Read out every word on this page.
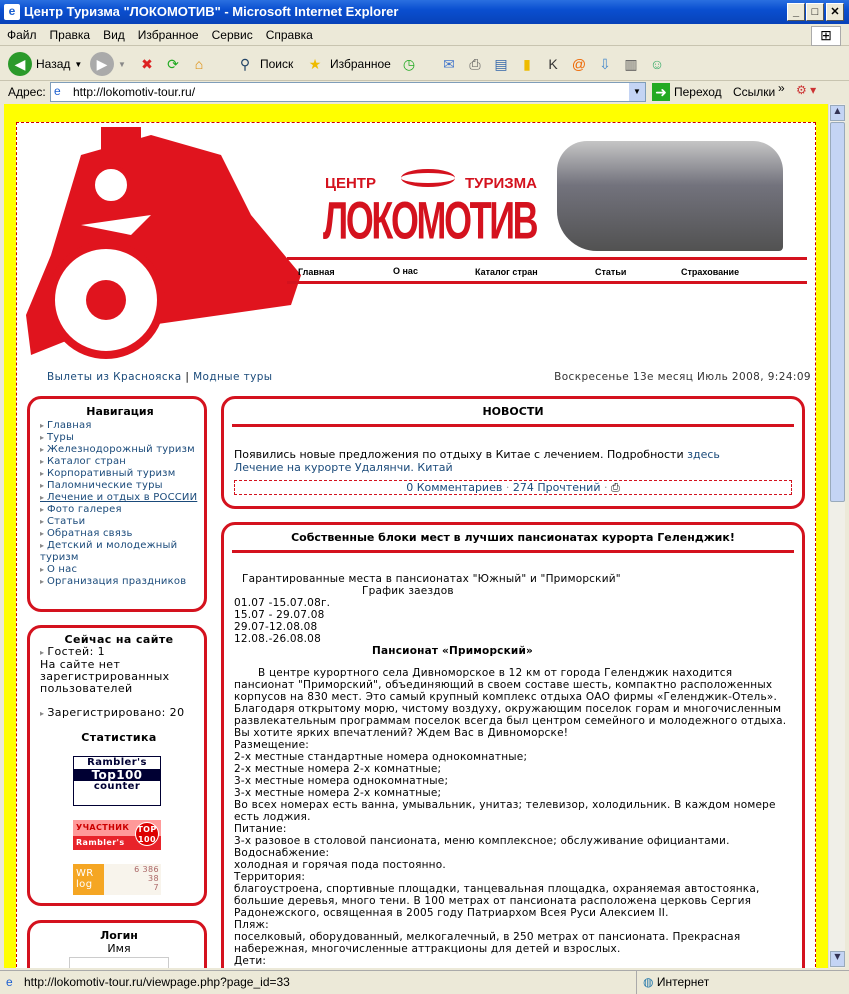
e Центр Туризма "ЛОКОМОТИВ" - Microsoft Internet Explorer	_	□	✕
Файл Правка Вид Избранное Сервис Справка	⊞
◀ Назад ▼	▶	▼	✖	⟳	⌂	⚲ Поиск	★ Избранное ◷	✉	⎙ ▤	▮	K	@ ⇩ ▥ ☺
Адрес: e http://lokomotiv-tour.ru/	▼ ➜ Переход Ссылки » ⚙ ▾
ЦЕНТР	ТУРИЗМА
ЛОКОМОТИВ
Главная	О нас	Каталог стран	Статьи	Страхование
Вылеты из Краснояска | Модные туры	Воскресенье 13е месяц Июль 2008, 9:24:09
Навигация
▸ Главная
▸ Туры
▸ Железнодорожный туризм
▸ Каталог стран
▸ Корпоративный туризм
▸ Паломнические туры
▸ Лечение и отдых в РОССИИ
▸ Фото галерея
▸ Статьи
▸ Обратная связь
▸ Детский и молодежный туризм
▸ О нас
▸ Организация праздников
Сейчас на сайте
▸ Гостей: 1
На сайте нет зарегистрированных пользователей
▸ Зарегистрировано: 20
Статистика
Rambler's
Top100
counter
УЧАСТНИК
Rambler's
TOP
100
WR log
6 386
38
7
Логин
Имя
НОВОСТИ
Появились новые предложения по отдыху в Китае с лечением. Подробности здесь
Лечение на курорте Удалянчи. Китай
0 Комментариев · 274 Прочтений · ⎙
Собственные блоки мест в лучших пансионатах курорта Геленджик!

Гарантированные места в пансионатах "Южный" и "Приморский"

График заездов

01.07 -15.07.08г.

15.07 - 29.07.08

29.07-12.08.08

12.08.-26.08.08

Пансионат «Приморский»

В центре курортного села Дивноморское в 12 км от города Геленджик находится пансионат "Приморский", объединяющий в своем составе шесть, компактно расположенных корпусов на 830 мест. Это самый крупный комплекс отдыха ОАО фирмы «Геленджик-Отель».

Благодаря открытому морю, чистому воздуху, окружающим поселок горам и многочисленным развлекательным программам поселок всегда был центром семейного и молодежного отдыха.

Вы хотите ярких впечатлений? Ждем Вас в Дивноморске!

Размещение:

2-х местные стандартные номера однокомнатные;

2-х местные номера 2-х комнатные;

3-х местные номера однокомнатные;

3-х местные номера 2-х комнатные;

Во всех номерах есть ванна, умывальник, унитаз; телевизор, холодильник. В каждом номере есть лоджия.

Питание:

3-х разовое в столовой пансионата, меню комплексное; обслуживание официантами.

Водоснабжение:

холодная и горячая пода постоянно.

Территория:

благоустроена, спортивные площадки, танцевальная площадка, охраняемая автостоянка, большие деревья, много тени. В 100 метрах от пансионата расположена церковь Сергия Радонежского, освященная в 2005 году Патриархом Всея Руси Алексием II.

Пляж:

поселковый, оборудованный, мелкогалечный, в 250 метрах от пансионата. Прекрасная набережная, многочисленные аттракционы для детей и взрослых.

Дети:

▲
▼
e http://lokomotiv-tour.ru/viewpage.php?page_id=33	◍ Интернет
